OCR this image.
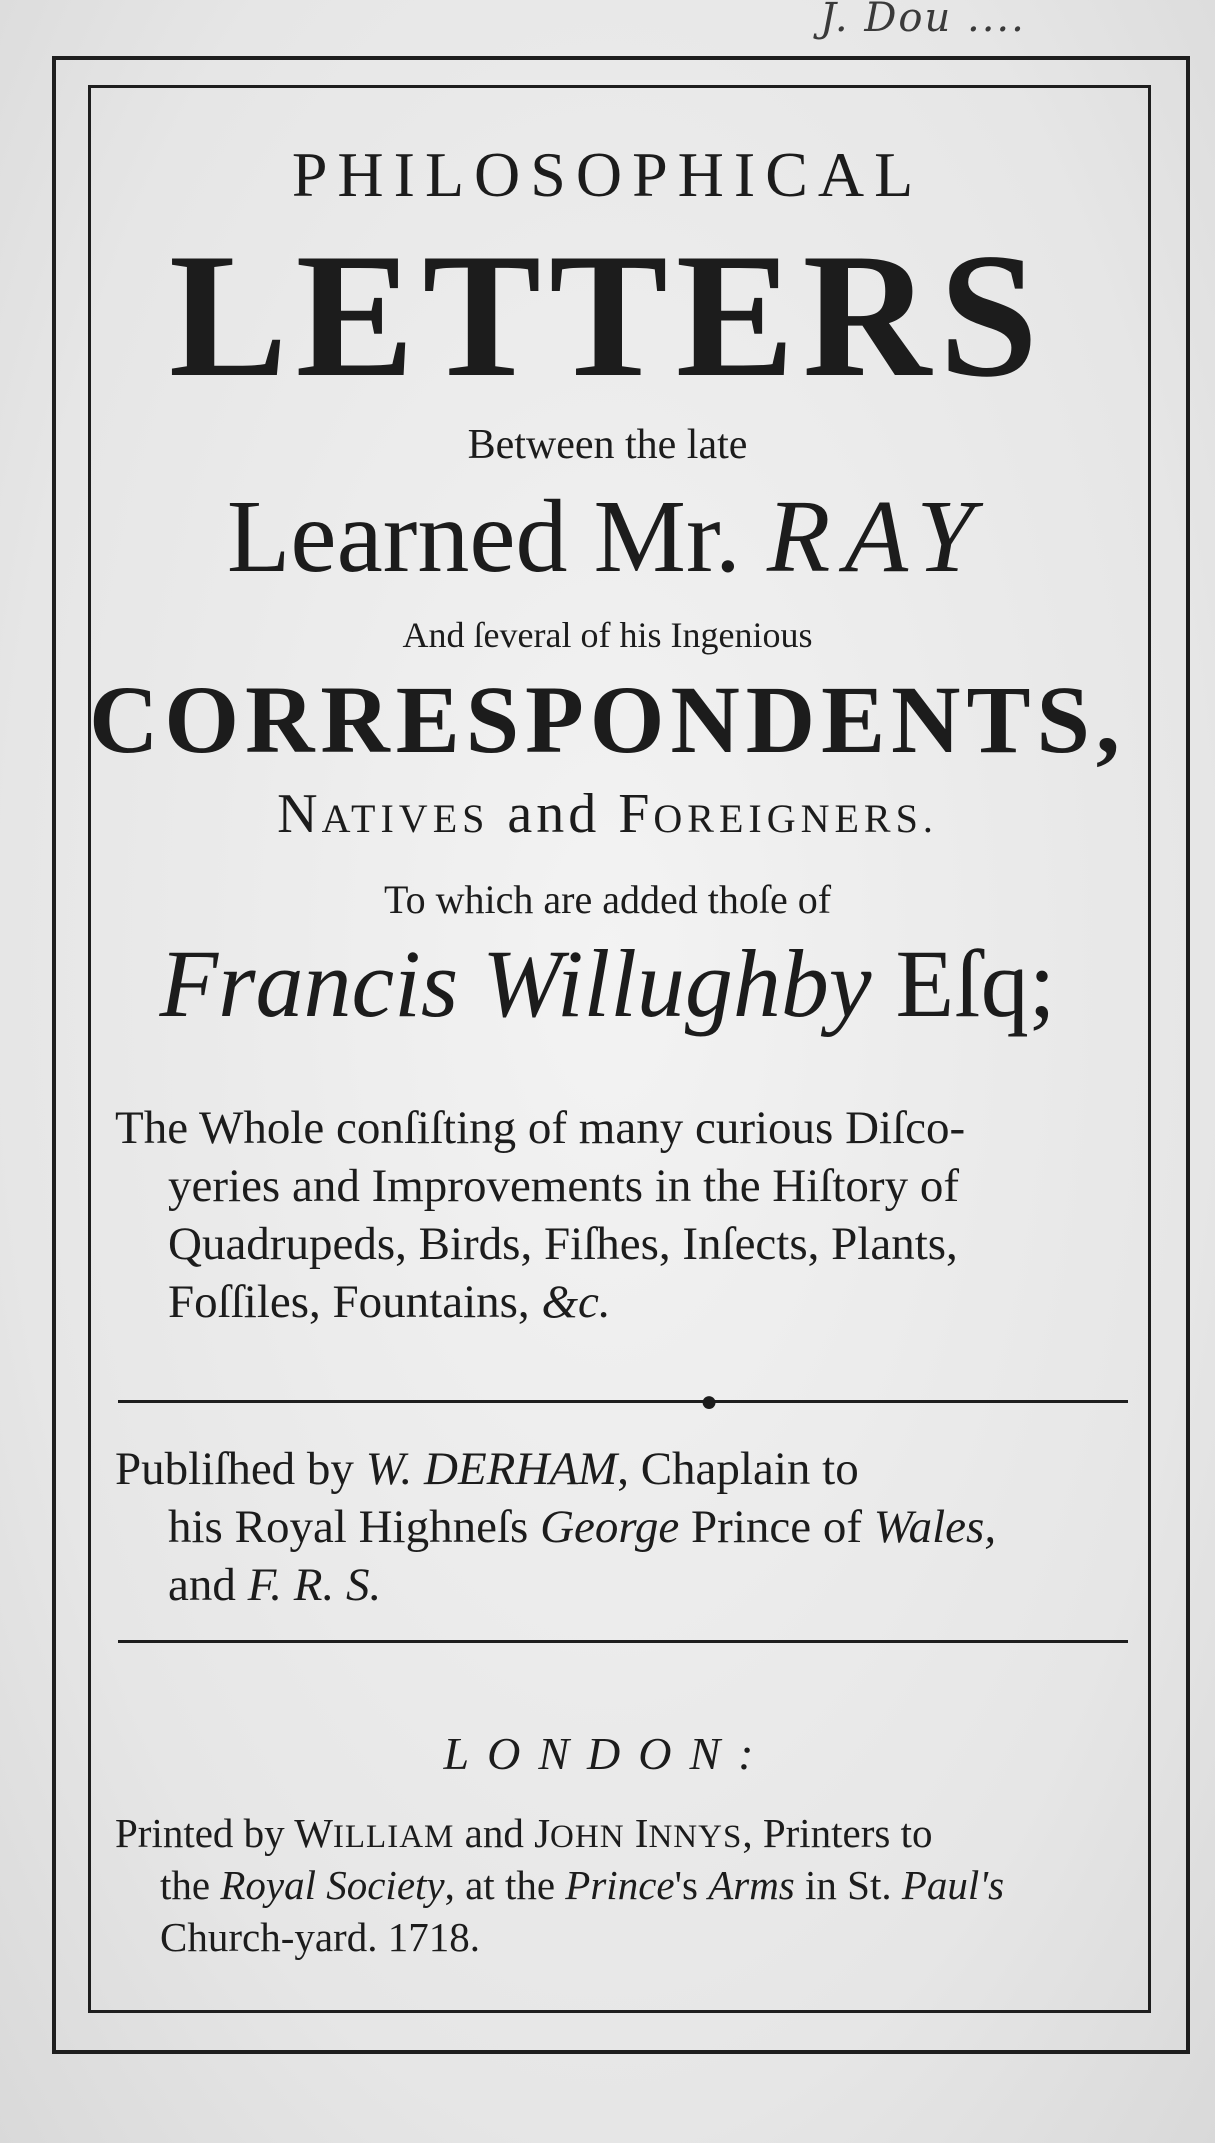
J. Dou ....
PHILOSOPHICAL
LETTERS
Between the late
Learned Mr. RAY
And ſeveral of his Ingenious
CORRESPONDENTS,
NATIVES and FOREIGNERS.
To which are added thoſe of
Francis Willughby Eſq;
The Whole conſiſting of many curious Diſco-
yeries and Improvements in the Hiſtory of
Quadrupeds, Birds, Fiſhes, Inſects, Plants,
Foſſiles, Fountains, &c.
●
Publiſhed by W. DERHAM, Chaplain to
his Royal Highneſs George Prince of Wales,
and F. R. S.
LONDON:
Printed by WILLIAM and JOHN INNYS, Printers to
the Royal Society, at the Prince's Arms in St. Paul's
Church-yard. 1718.
